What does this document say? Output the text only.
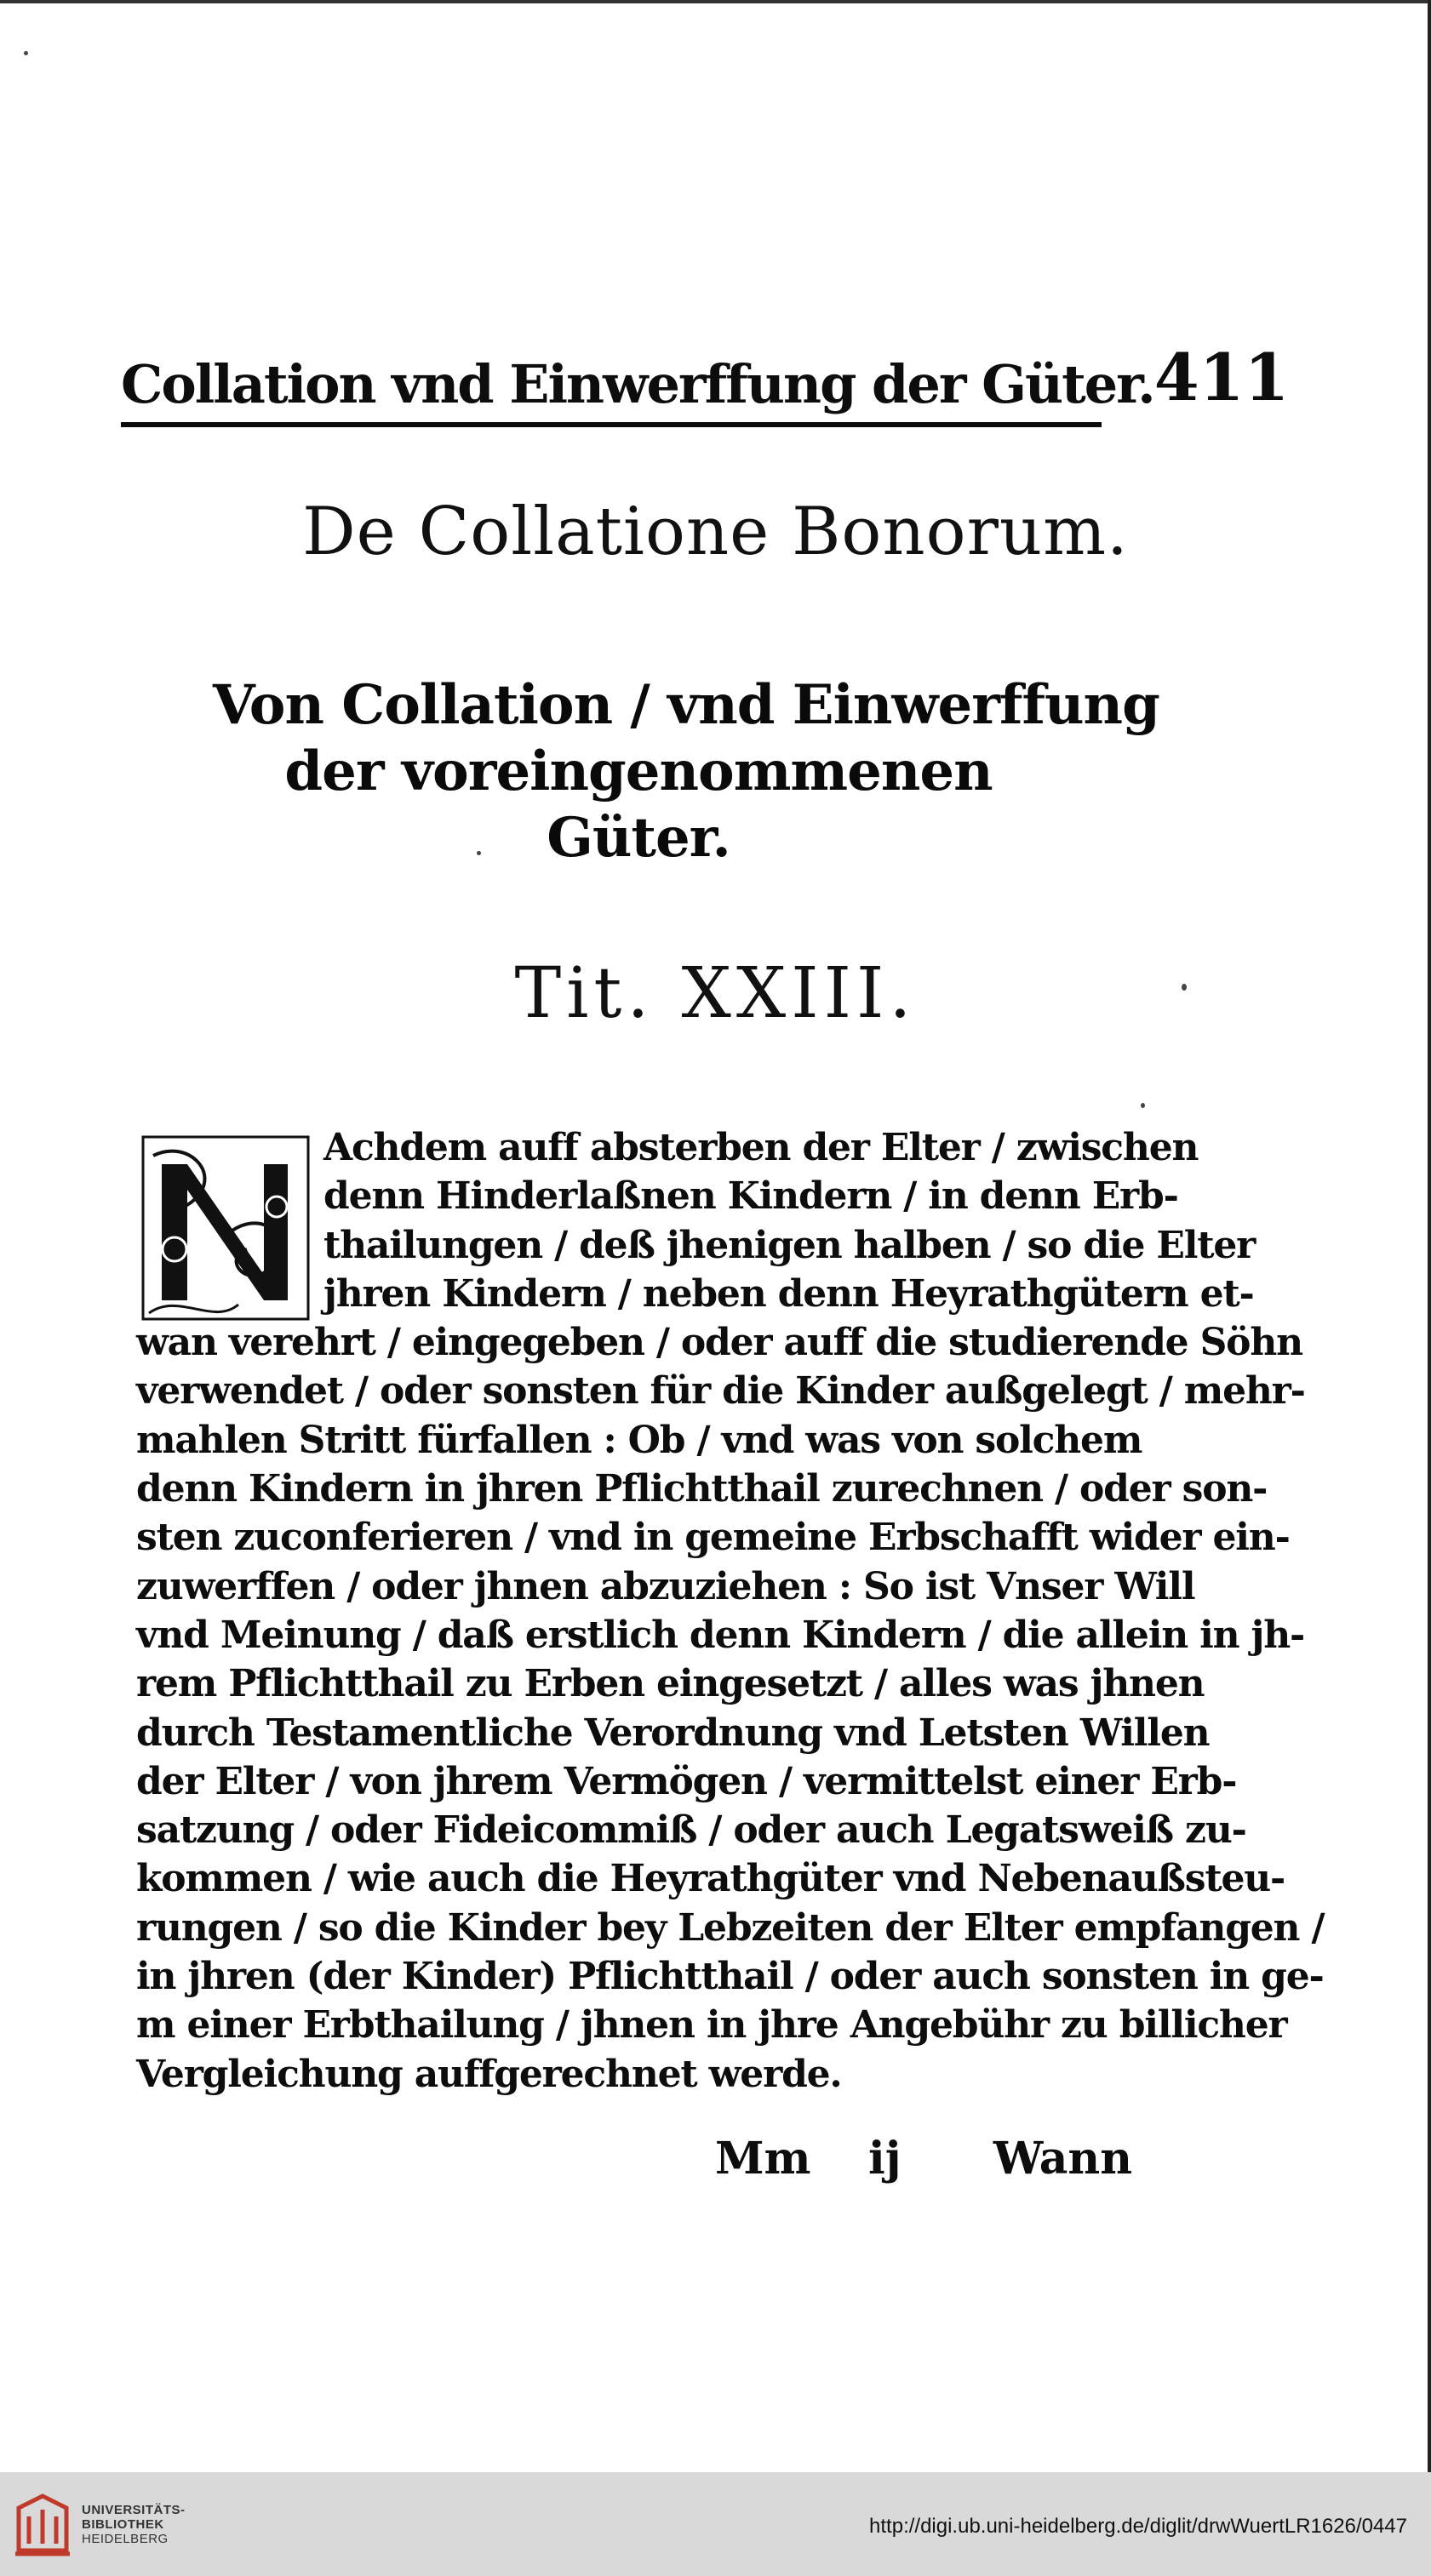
Collation vnd Einwerffung der Güter. 411
De Collatione Bonorum.
Von Collation / vnd Einwerffung
der voreingenommenen
Güter.
Tit. XXIII.
Achdem auff absterben der Elter / zwischen
denn Hinderlaßnen Kindern / in denn Erb-
thailungen / deß jhenigen halben / so die Elter
jhren Kindern / neben denn Heyrathgütern et-
wan verehrt / eingegeben / oder auff die studierende Söhn
verwendet / oder sonsten für die Kinder außgelegt / mehr-
mahlen Stritt fürfallen : Ob / vnd was von solchem
denn Kindern in jhren Pflichtthail zurechnen / oder son-
sten zuconferieren / vnd in gemeine Erbschafft wider ein-
zuwerffen / oder jhnen abzuziehen : So ist Vnser Will
vnd Meinung / daß erstlich denn Kindern / die allein in jh-
rem Pflichtthail zu Erben eingesetzt / alles was jhnen
durch Testamentliche Verordnung vnd Letsten Willen
der Elter / von jhrem Vermögen / vermittelst einer Erb-
satzung / oder Fideicommiß / oder auch Legatsweiß zu-
kommen / wie auch die Heyrathgüter vnd Nebenaußsteu-
rungen / so die Kinder bey Lebzeiten der Elter empfangen /
in jhren (der Kinder) Pflichtthail / oder auch sonsten in ge-
m einer Erbthailung / jhnen in jhre Angebühr zu billicher
Vergleichung auffgerechnet werde.
Mm ij Wann
UNIVERSITÄTS-
BIBLIOTHEK
HEIDELBERG
http://digi.ub.uni-heidelberg.de/diglit/drwWuertLR1626/0447
